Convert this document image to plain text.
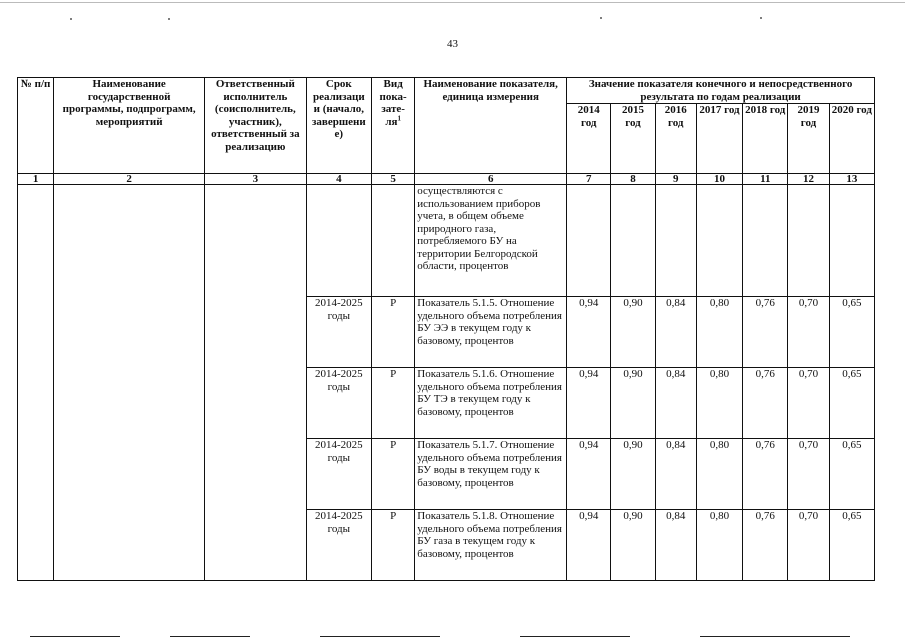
43
№ п/п	Наименование государственной программы, подпрограмм, мероприятий	Ответственный исполнитель (соисполнитель, участник), ответственный за реализацию	Срок
реализаци
и (начало,
завершени
е)	Вид
пока-
зате-
$ля^1$	Наименование показателя, единица измерения	Значение показателя конечного и непосредственного результата по годам реализации						
						2014 год	2015 год	2016 год	2017 год	2018 год	2019 год	2020 год
1	2	3	4	5	6	7	8	9	10	11	12	13
					осуществляются с использованием приборов учета, в общем объеме природного газа, потребляемого БУ на территории Белгородской области, процентов							
			2014-2025 годы	Р	Показатель 5.1.5. Отношение удельного объема потребления БУ ЭЭ в текущем году к базовому, процентов	0,94	0,90	0,84	0,80	0,76	0,70	0,65
			2014-2025 годы	Р	Показатель 5.1.6. Отношение удельного объема потребления БУ ТЭ в текущем году к базовому, процентов	0,94	0,90	0,84	0,80	0,76	0,70	0,65
			2014-2025 годы	Р	Показатель 5.1.7. Отношение удельного объема потребления БУ воды в текущем году к базовому, процентов	0,94	0,90	0,84	0,80	0,76	0,70	0,65
			2014-2025 годы	Р	Показатель 5.1.8. Отношение удельного объема потребления БУ газа в текущем году к базовому, процентов	0,94	0,90	0,84	0,80	0,76	0,70	0,65
